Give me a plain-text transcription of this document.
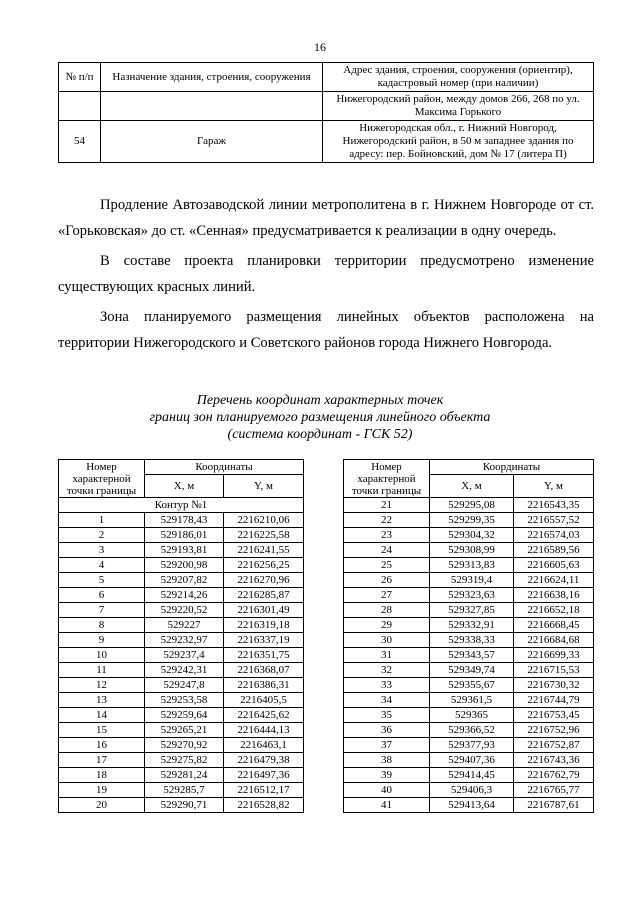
16
№ п/п	Назначение здания, строения, сооружения	Адрес здания, строения, сооружения (ориентир), кадастровый номер (при наличии)
		Нижегородский район, между домов 266, 268 по ул. Максима Горького
54	Гараж	Нижегородская обл., г. Нижний Новгород, Нижегородский район, в 50 м западнее здания по адресу: пер. Бойновский, дом № 17 (литера П)

Продление Автозаводской линии метрополитена в г. Нижнем Новгороде от ст. «Горьковская» до ст. «Сенная» предусматривается к реализации в одну очередь.

В составе проекта планировки территории предусмотрено изменение существующих красных линий.

Зона планируемого размещения линейных объектов расположена на территории Нижегородского и Советского районов города Нижнего Новгорода.

Перечень координат характерных точек
границ зон планируемого размещения линейного объекта
(система координат - ГСК 52)
Номер характерной точки границы	Координаты	
	X, м	Y, м
Контур №1		
1	529178,43	2216210,06
2	529186,01	2216225,58
3	529193,81	2216241,55
4	529200,98	2216256,25
5	529207,82	2216270,96
6	529214,26	2216285,87
7	529220,52	2216301,49
8	529227	2216319,18
9	529232,97	2216337,19
10	529237,4	2216351,75
11	529242,31	2216368,07
12	529247,8	2216386,31
13	529253,58	2216405,5
14	529259,64	2216425,62
15	529265,21	2216444,13
16	529270,92	2216463,1
17	529275,82	2216479,38
18	529281,24	2216497,36
19	529285,7	2216512,17
20	529290,71	2216528,82
Номер характерной точки границы	Координаты	
	X, м	Y, м
21	529295,08	2216543,35
22	529299,35	2216557,52
23	529304,32	2216574,03
24	529308,99	2216589,56
25	529313,83	2216605,63
26	529319,4	2216624,11
27	529323,63	2216638,16
28	529327,85	2216652,18
29	529332,91	2216668,45
30	529338,33	2216684,68
31	529343,57	2216699,33
32	529349,74	2216715,53
33	529355,67	2216730,32
34	529361,5	2216744,79
35	529365	2216753,45
36	529366,52	2216752,96
37	529377,93	2216752,87
38	529407,36	2216743,36
39	529414,45	2216762,79
40	529406,3	2216765,77
41	529413,64	2216787,61
